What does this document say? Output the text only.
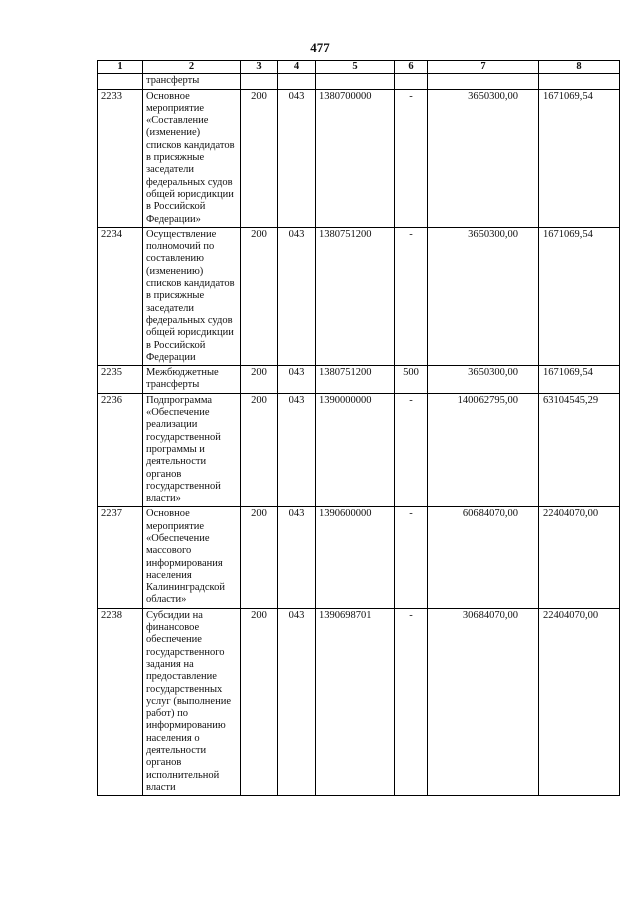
477
1	2	3	4	5	6	7	8
	трансферты						
2233	Основное мероприятие «Составление (изменение) списков кандидатов в присяжные заседатели федеральных судов общей юрисдикции в Российской Федерации»	200	043	1380700000	-	3650300,00	1671069,54
2234	Осуществление полномочий по составлению (изменению) списков кандидатов в присяжные заседатели федеральных судов общей юрисдикции в Российской Федерации	200	043	1380751200	-	3650300,00	1671069,54
2235	Межбюджетные трансферты	200	043	1380751200	500	3650300,00	1671069,54
2236	Подпрограмма «Обеспечение реализации государственной программы и деятельности органов государственной власти»	200	043	1390000000	-	140062795,00	63104545,29
2237	Основное мероприятие «Обеспечение массового информирования населения Калининградской области»	200	043	1390600000	-	60684070,00	22404070,00
2238	Субсидии на финансовое обеспечение государственного задания на предоставление государственных услуг (выполнение работ) по информированию населения о деятельности органов исполнительной власти	200	043	1390698701	-	30684070,00	22404070,00
